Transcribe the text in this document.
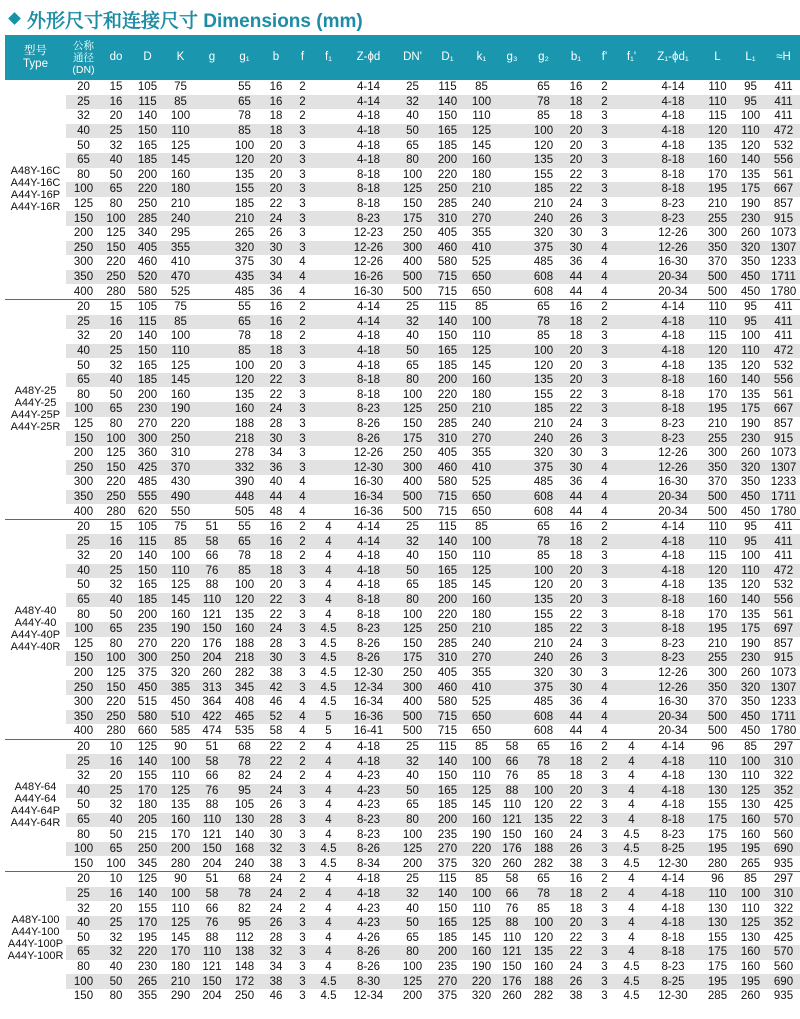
外形尺寸和连接尺寸 Dimensions (mm)
型号
Type	公称
通径
(DN)	do	D	K	g	g₁	b	f	f₁	Z-ϕd	DN'	D₁	k₁	g₃	g₂	b₁	f'	f₁'	Z₁-ϕd₁	L	L₁	≈H
A48Y-16C
A44Y-16C
A44Y-16P
A44Y-16R	20	15	105	75		55	16	2		4-14	25	115	85		65	16	2		4-14	110	95	411
	25	16	115	85		65	16	2		4-14	32	140	100		78	18	2		4-18	110	95	411
	32	20	140	100		78	18	2		4-18	40	150	110		85	18	3		4-18	115	100	411
	40	25	150	110		85	18	3		4-18	50	165	125		100	20	3		4-18	120	110	472
	50	32	165	125		100	20	3		4-18	65	185	145		120	20	3		4-18	135	120	532
	65	40	185	145		120	20	3		4-18	80	200	160		135	20	3		8-18	160	140	556
	80	50	200	160		135	20	3		8-18	100	220	180		155	22	3		8-18	170	135	561
	100	65	220	180		155	20	3		8-18	125	250	210		185	22	3		8-18	195	175	667
	125	80	250	210		185	22	3		8-18	150	285	240		210	24	3		8-23	210	190	857
	150	100	285	240		210	24	3		8-23	175	310	270		240	26	3		8-23	255	230	915
	200	125	340	295		265	26	3		12-23	250	405	355		320	30	3		12-26	300	260	1073
	250	150	405	355		320	30	3		12-26	300	460	410		375	30	4		12-26	350	320	1307
	300	220	460	410		375	30	4		12-26	400	580	525		485	36	4		16-30	370	350	1233
	350	250	520	470		435	34	4		16-26	500	715	650		608	44	4		20-34	500	450	1711
	400	280	580	525		485	36	4		16-30	500	715	650		608	44	4		20-34	500	450	1780
A48Y-25
A44Y-25
A44Y-25P
A44Y-25R	20	15	105	75		55	16	2		4-14	25	115	85		65	16	2		4-14	110	95	411
	25	16	115	85		65	16	2		4-14	32	140	100		78	18	2		4-18	110	95	411
	32	20	140	100		78	18	2		4-18	40	150	110		85	18	3		4-18	115	100	411
	40	25	150	110		85	18	3		4-18	50	165	125		100	20	3		4-18	120	110	472
	50	32	165	125		100	20	3		4-18	65	185	145		120	20	3		4-18	135	120	532
	65	40	185	145		120	22	3		8-18	80	200	160		135	20	3		8-18	160	140	556
	80	50	200	160		135	22	3		8-18	100	220	180		155	22	3		8-18	170	135	561
	100	65	230	190		160	24	3		8-23	125	250	210		185	22	3		8-18	195	175	667
	125	80	270	220		188	28	3		8-26	150	285	240		210	24	3		8-23	210	190	857
	150	100	300	250		218	30	3		8-26	175	310	270		240	26	3		8-23	255	230	915
	200	125	360	310		278	34	3		12-26	250	405	355		320	30	3		12-26	300	260	1073
	250	150	425	370		332	36	3		12-30	300	460	410		375	30	4		12-26	350	320	1307
	300	220	485	430		390	40	4		16-30	400	580	525		485	36	4		16-30	370	350	1233
	350	250	555	490		448	44	4		16-34	500	715	650		608	44	4		20-34	500	450	1711
	400	280	620	550		505	48	4		16-36	500	715	650		608	44	4		20-34	500	450	1780
A48Y-40
A44Y-40
A44Y-40P
A44Y-40R	20	15	105	75	51	55	16	2	4	4-14	25	115	85		65	16	2		4-14	110	95	411
	25	16	115	85	58	65	16	2	4	4-14	32	140	100		78	18	2		4-18	110	95	411
	32	20	140	100	66	78	18	2	4	4-18	40	150	110		85	18	3		4-18	115	100	411
	40	25	150	110	76	85	18	3	4	4-18	50	165	125		100	20	3		4-18	120	110	472
	50	32	165	125	88	100	20	3	4	4-18	65	185	145		120	20	3		4-18	135	120	532
	65	40	185	145	110	120	22	3	4	8-18	80	200	160		135	20	3		8-18	160	140	556
	80	50	200	160	121	135	22	3	4	8-18	100	220	180		155	22	3		8-18	170	135	561
	100	65	235	190	150	160	24	3	4.5	8-23	125	250	210		185	22	3		8-18	195	175	697
	125	80	270	220	176	188	28	3	4.5	8-26	150	285	240		210	24	3		8-23	210	190	857
	150	100	300	250	204	218	30	3	4.5	8-26	175	310	270		240	26	3		8-23	255	230	915
	200	125	375	320	260	282	38	3	4.5	12-30	250	405	355		320	30	3		12-26	300	260	1073
	250	150	450	385	313	345	42	3	4.5	12-34	300	460	410		375	30	4		12-26	350	320	1307
	300	220	515	450	364	408	46	4	4.5	16-34	400	580	525		485	36	4		16-30	370	350	1233
	350	250	580	510	422	465	52	4	5	16-36	500	715	650		608	44	4		20-34	500	450	1711
	400	280	660	585	474	535	58	4	5	16-41	500	715	650		608	44	4		20-34	500	450	1780
A48Y-64
A44Y-64
A44Y-64P
A44Y-64R	20	10	125	90	51	68	22	2	4	4-18	25	115	85	58	65	16	2	4	4-14	96	85	297
	25	16	140	100	58	78	22	2	4	4-18	32	140	100	66	78	18	2	4	4-18	110	100	310
	32	20	155	110	66	82	24	2	4	4-23	40	150	110	76	85	18	3	4	4-18	130	110	322
	40	25	170	125	76	95	24	3	4	4-23	50	165	125	88	100	20	3	4	4-18	130	125	352
	50	32	180	135	88	105	26	3	4	4-23	65	185	145	110	120	22	3	4	4-18	155	130	425
	65	40	205	160	110	130	28	3	4	8-23	80	200	160	121	135	22	3	4	8-18	175	160	570
	80	50	215	170	121	140	30	3	4	8-23	100	235	190	150	160	24	3	4.5	8-23	175	160	560
	100	65	250	200	150	168	32	3	4.5	8-26	125	270	220	176	188	26	3	4.5	8-25	195	195	690
	150	100	345	280	204	240	38	3	4.5	8-34	200	375	320	260	282	38	3	4.5	12-30	280	265	935
A48Y-100
A44Y-100
A44Y-100P
A44Y-100R	20	10	125	90	51	68	24	2	4	4-18	25	115	85	58	65	16	2	4	4-14	96	85	297
	25	16	140	100	58	78	24	2	4	4-18	32	140	100	66	78	18	2	4	4-18	110	100	310
	32	20	155	110	66	82	24	2	4	4-23	40	150	110	76	85	18	3	4	4-18	130	110	322
	40	25	170	125	76	95	26	3	4	4-23	50	165	125	88	100	20	3	4	4-18	130	125	352
	50	32	195	145	88	112	28	3	4	4-26	65	185	145	110	120	22	3	4	8-18	155	130	425
	65	32	220	170	110	138	32	3	4	8-26	80	200	160	121	135	22	3	4	8-18	175	160	570
	80	40	230	180	121	148	34	3	4	8-26	100	235	190	150	160	24	3	4.5	8-23	175	160	560
	100	50	265	210	150	172	38	3	4.5	8-30	125	270	220	176	188	26	3	4.5	8-25	195	195	690
	150	80	355	290	204	250	46	3	4.5	12-34	200	375	320	260	282	38	3	4.5	12-30	285	260	935
